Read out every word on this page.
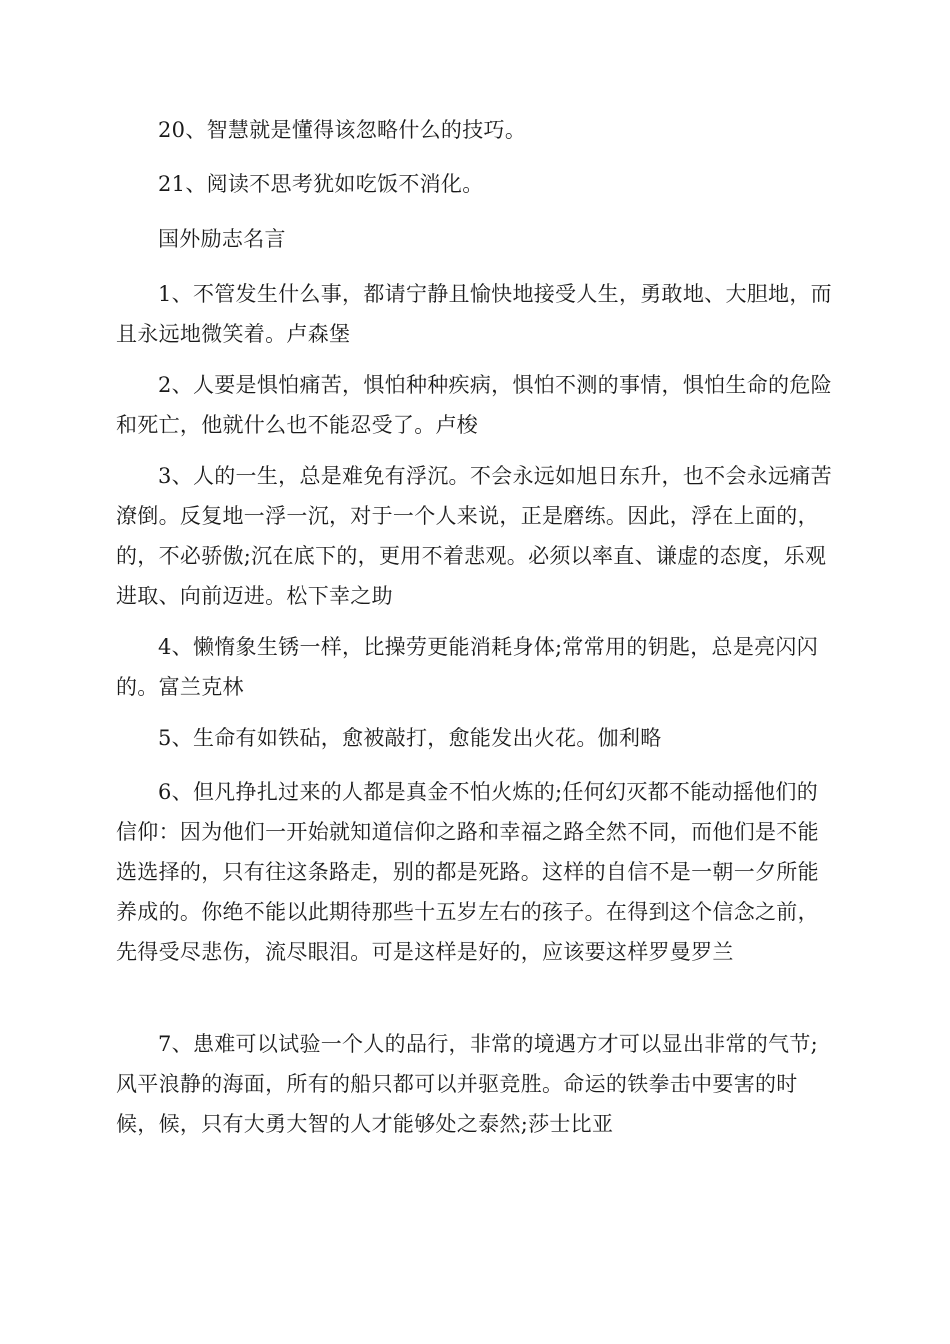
20、智慧就是懂得该忽略什么的技巧。

21、阅读不思考犹如吃饭不消化。

国外励志名言

1、不管发生什么事，都请宁静且愉快地接受人生，勇敢地、大胆地，而且永远地微笑着。卢森堡

2、人要是惧怕痛苦，惧怕种种疾病，惧怕不测的事情，惧怕生命的危险和死亡，他就什么也不能忍受了。卢梭

3、人的一生，总是难免有浮沉。不会永远如旭日东升，也不会永远痛苦潦倒。反复地一浮一沉，对于一个人来说，正是磨练。因此，浮在上面的，的，不必骄傲;沉在底下的，更用不着悲观。必须以率直、谦虚的态度，乐观进取、向前迈进。松下幸之助

4、懒惰象生锈一样，比操劳更能消耗身体;常常用的钥匙，总是亮闪闪的。富兰克林

5、生命有如铁砧，愈被敲打，愈能发出火花。伽利略

6、但凡挣扎过来的人都是真金不怕火炼的;任何幻灭都不能动摇他们的信仰：因为他们一开始就知道信仰之路和幸福之路全然不同，而他们是不能选选择的，只有往这条路走，别的都是死路。这样的自信不是一朝一夕所能养成的。你绝不能以此期待那些十五岁左右的孩子。在得到这个信念之前，先得受尽悲伤，流尽眼泪。可是这样是好的，应该要这样罗曼罗兰

7、患难可以试验一个人的品行，非常的境遇方才可以显出非常的气节;风平浪静的海面，所有的船只都可以并驱竞胜。命运的铁拳击中要害的时候，候，只有大勇大智的人才能够处之泰然;莎士比亚
